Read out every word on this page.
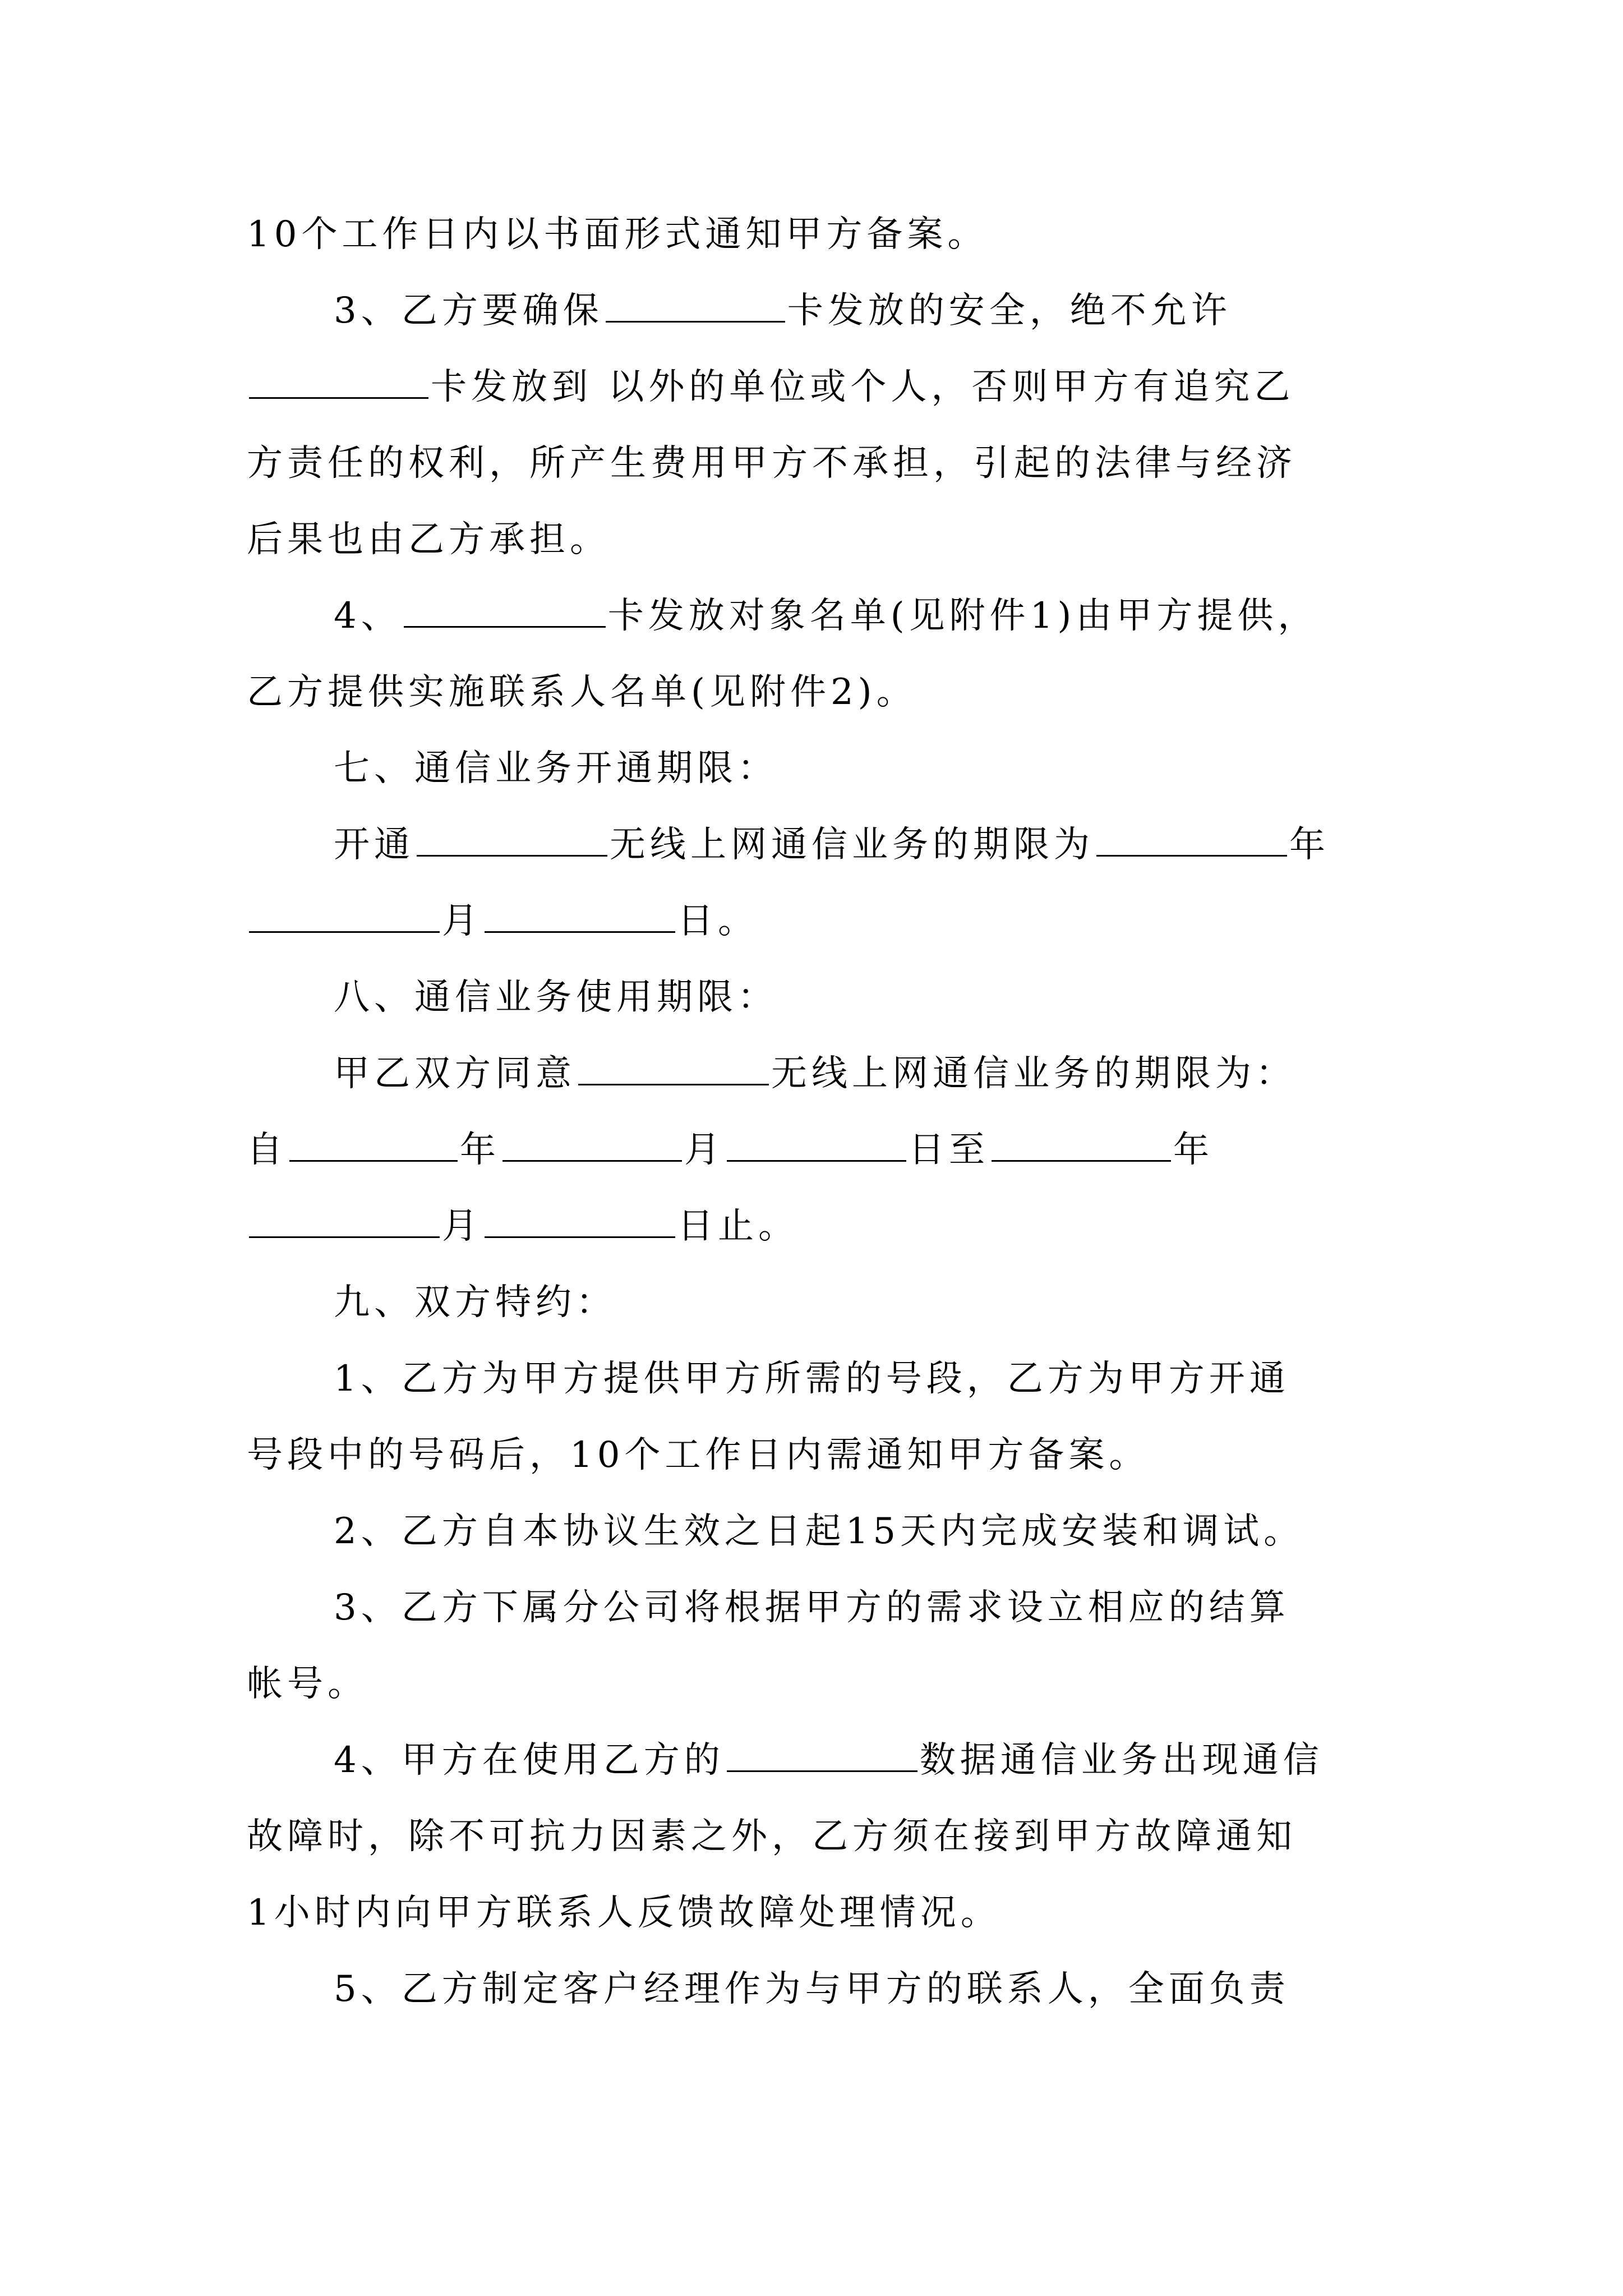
10个工作日内以书面形式通知甲方备案。
3、乙方要确保	卡发放的安全，绝不允许
卡发放到 以外的单位或个人，否则甲方有追究乙
方责任的权利，所产生费用甲方不承担，引起的法律与经济
后果也由乙方承担。
4、	卡发放对象名单(见附件1)由甲方提供，
乙方提供实施联系人名单(见附件2)。
七、通信业务开通期限：
开通	无线上网通信业务的期限为	年
月	日。
八、通信业务使用期限：
甲乙双方同意	无线上网通信业务的期限为：
自	年	月	日至	年
月	日止。
九、双方特约：
1、乙方为甲方提供甲方所需的号段，乙方为甲方开通
号段中的号码后，10个工作日内需通知甲方备案。
2、乙方自本协议生效之日起15天内完成安装和调试。
3、乙方下属分公司将根据甲方的需求设立相应的结算
帐号。
4、甲方在使用乙方的	数据通信业务出现通信
故障时，除不可抗力因素之外，乙方须在接到甲方故障通知
1小时内向甲方联系人反馈故障处理情况。
5、乙方制定客户经理作为与甲方的联系人，全面负责
